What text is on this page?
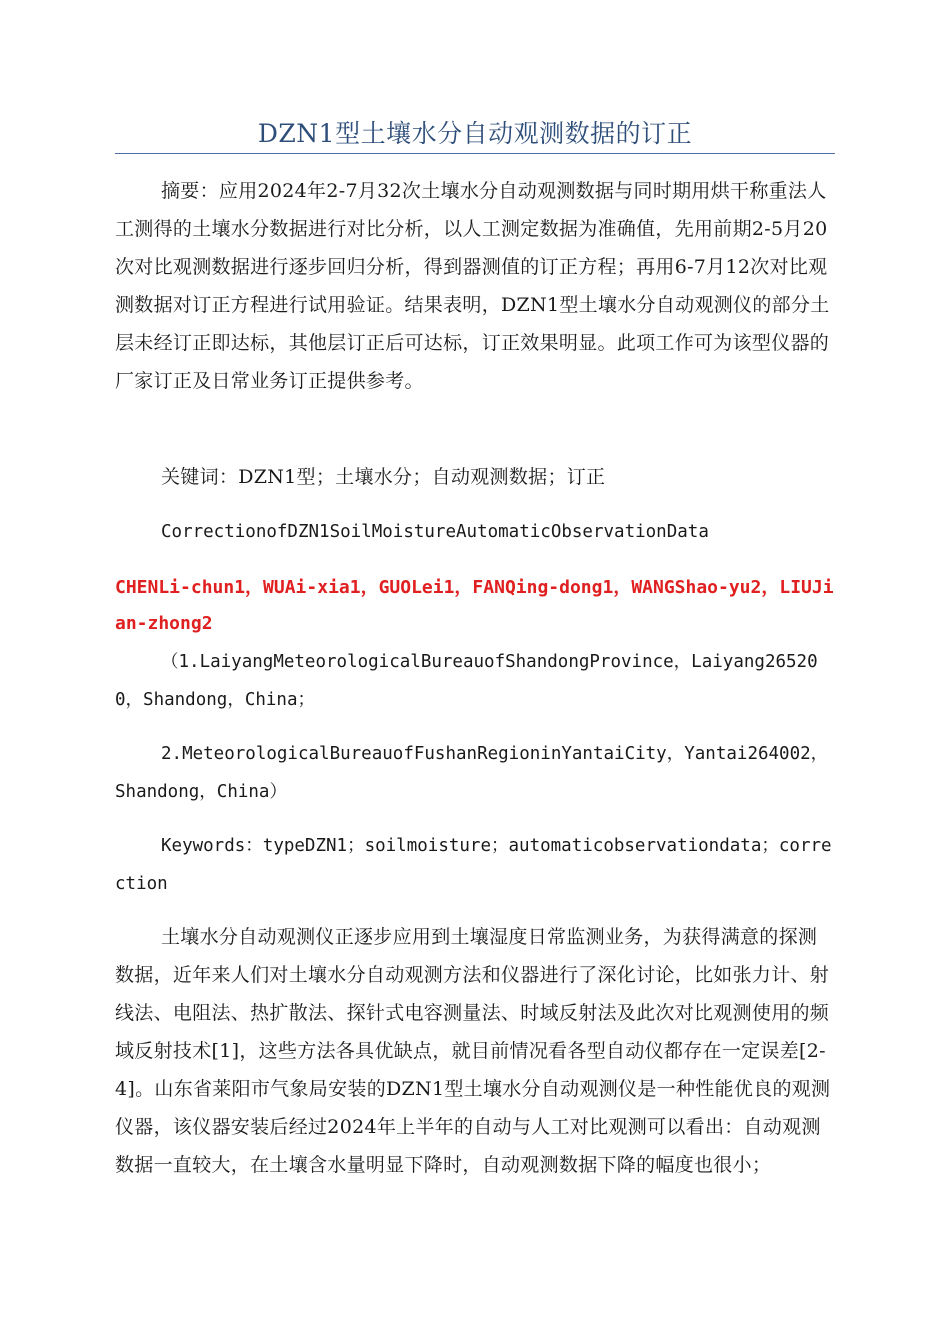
DZN1型土壤水分自动观测数据的订正
摘要：应用2024年2-7月32次土壤水分自动观测数据与同时期用烘干称重法人工测得的土壤水分数据进行对比分析，以人工测定数据为准确值，先用前期2-5月20次对比观测数据进行逐步回归分析，得到器测值的订正方程；再用6-7月12次对比观测数据对订正方程进行试用验证。结果表明，DZN1型土壤水分自动观测仪的部分土层未经订正即达标，其他层订正后可达标，订正效果明显。此项工作可为该型仪器的厂家订正及日常业务订正提供参考。
关键词：DZN1型；土壤水分；自动观测数据；订正
CorrectionofDZN1SoilMoistureAutomaticObservationData
CHENLi-chun1，WUAi-xia1，GUOLei1，FANQing-dong1，WANGShao-yu2，LIUJian-zhong2
（1.LaiyangMeteorologicalBureauofShandongProvince，Laiyang265200，Shandong，China；
2.MeteorologicalBureauofFushanRegioninYantaiCity，Yantai264002，Shandong，China）
Keywords：typeDZN1；soilmoisture；automaticobservationdata；correction
土壤水分自动观测仪正逐步应用到土壤湿度日常监测业务，为获得满意的探测数据，近年来人们对土壤水分自动观测方法和仪器进行了深化讨论，比如张力计、射线法、电阻法、热扩散法、探针式电容测量法、时域反射法及此次对比观测使用的频域反射技术[1]，这些方法各具优缺点，就目前情况看各型自动仪都存在一定误差[2-4]。山东省莱阳市气象局安装的DZN1型土壤水分自动观测仪是一种性能优良的观测仪器，该仪器安装后经过2024年上半年的自动与人工对比观测可以看出：自动观测数据一直较大，在土壤含水量明显下降时，自动观测数据下降的幅度也很小；
